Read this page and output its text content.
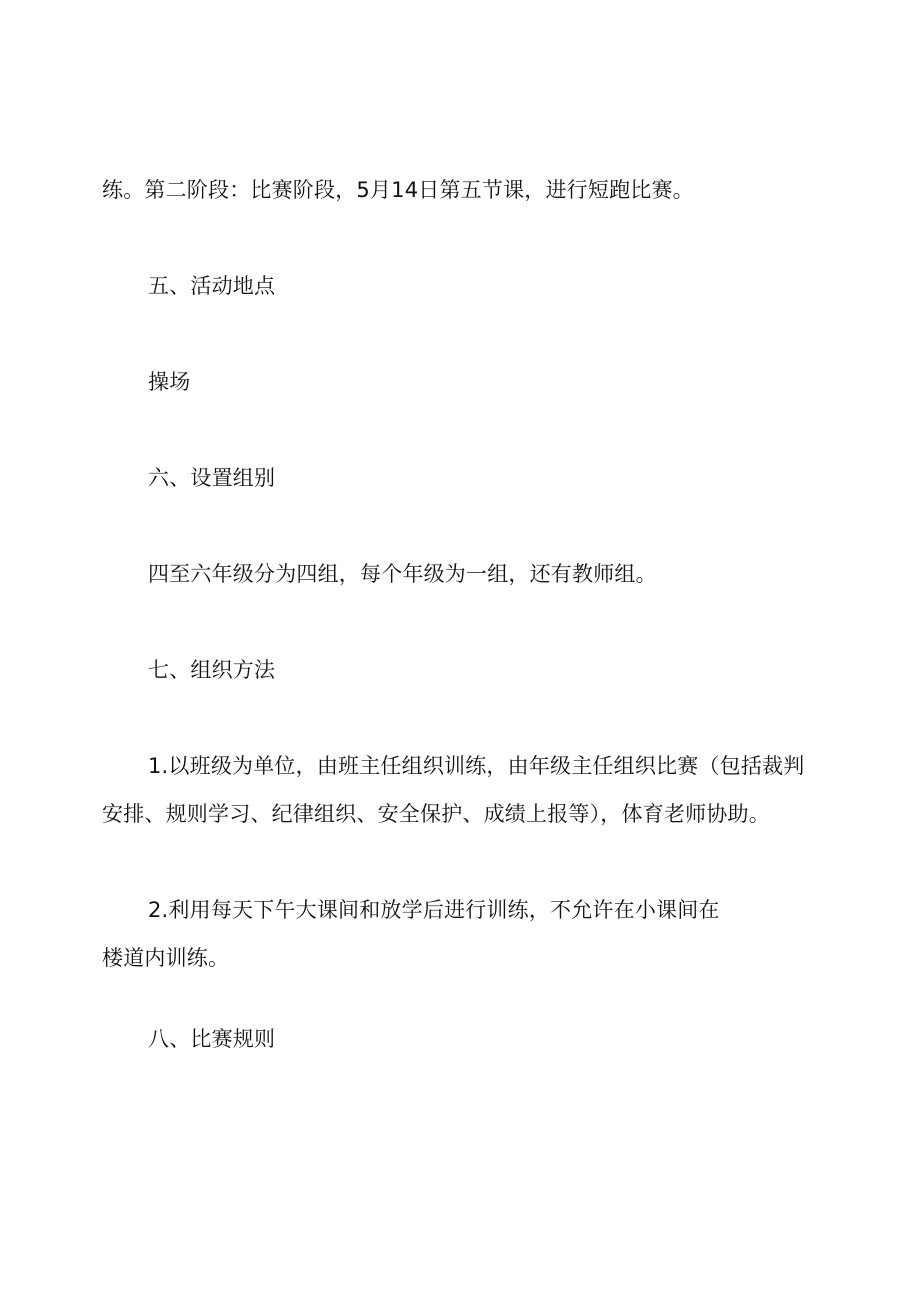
练。第二阶段：比赛阶段，5月14日第五节课，进行短跑比赛。
五、活动地点
操场
六、设置组别
四至六年级分为四组，每个年级为一组，还有教师组。
七、组织方法
1.以班级为单位，由班主任组织训练，由年级主任组织比赛（包括裁判
安排、规则学习、纪律组织、安全保护、成绩上报等），体育老师协助。
2.利用每天下午大课间和放学后进行训练，不允许在小课间在
楼道内训练。
八、比赛规则
